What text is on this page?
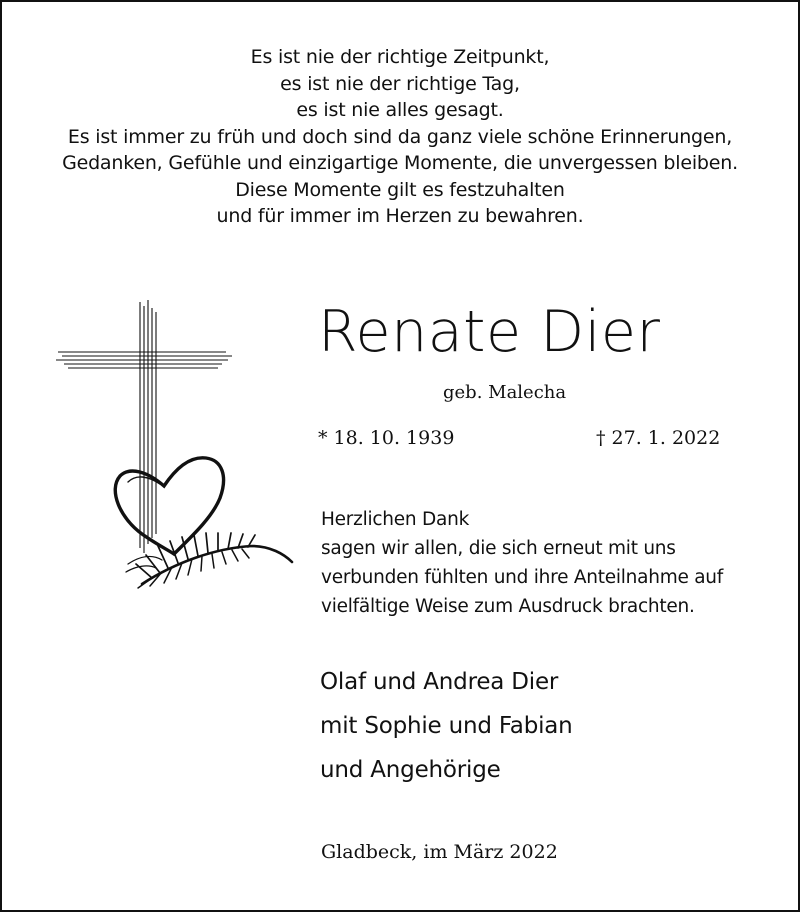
Es ist nie der richtige Zeitpunkt,
es ist nie der richtige Tag,
es ist nie alles gesagt.
Es ist immer zu früh und doch sind da ganz viele schöne Erinnerungen,
Gedanken, Gefühle und einzigartige Momente, die unvergessen bleiben.
Diese Momente gilt es festzuhalten
und für immer im Herzen zu bewahren.
Renate Dier
geb. Malecha
* 18. 10. 1939	† 27. 1. 2022
Herzlichen Dank
sagen wir allen, die sich erneut mit uns
verbunden fühlten und ihre Anteilnahme auf
vielfältige Weise zum Ausdruck brachten.
Olaf und Andrea Dier
mit Sophie und Fabian
und Angehörige
Gladbeck, im März 2022
